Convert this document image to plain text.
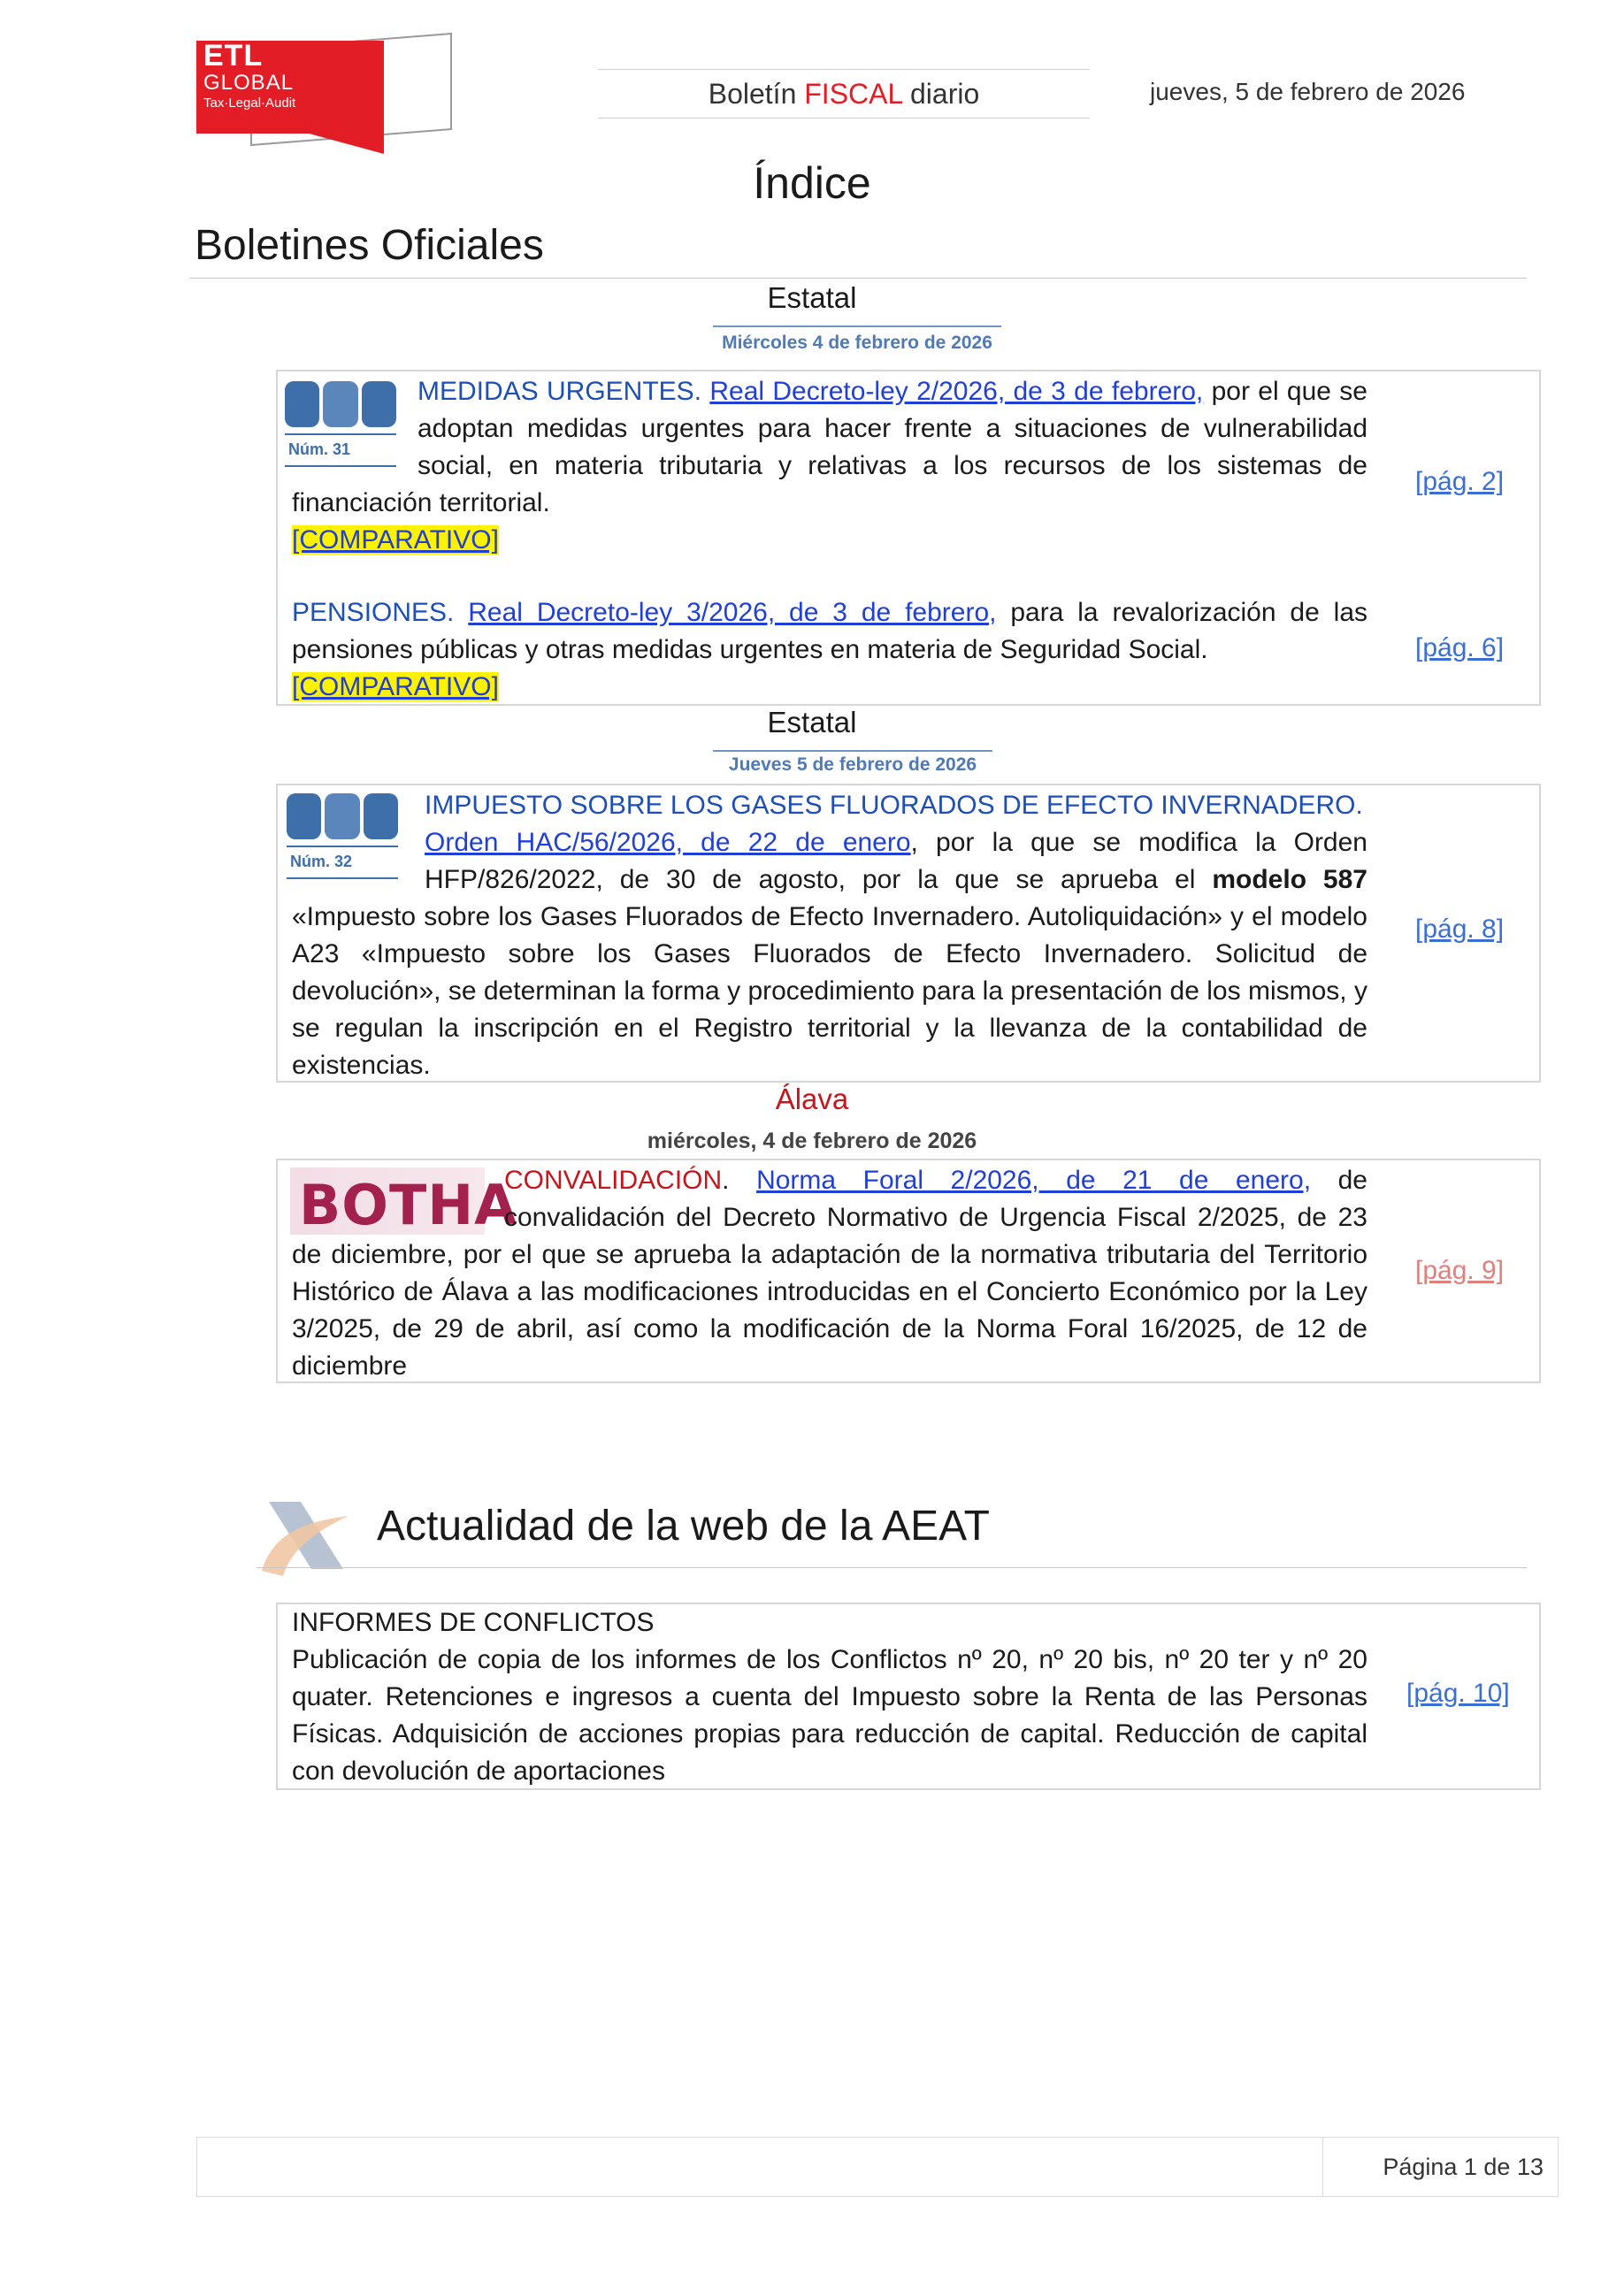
ETL
GLOBAL
Tax·Legal·Audit	Boletín FISCAL diario	jueves, 5 de febrero de 2026
Índice
Boletines Oficiales
Estatal
Miércoles 4 de febrero de 2026
Núm. 31
Estatal
Jueves 5 de febrero de 2026
Núm. 32
Álava
miércoles, 4 de febrero de 2026
BOTHA
MEDIDAS URGENTES. Real Decreto-ley 2/2026, de 3 de febrero, por el que se adoptan medidas urgentes para hacer frente a situaciones de vulnerabilidad social, en materia tributaria y relativas a los recursos de los sistemas de financiación territorial.
[COMPARATIVO]
[pág. 2]
PENSIONES. Real Decreto-ley 3/2026, de 3 de febrero, para la revalorización de las pensiones públicas y otras medidas urgentes en materia de Seguridad Social.
[COMPARATIVO]
[pág. 6]
IMPUESTO SOBRE LOS GASES FLUORADOS DE EFECTO INVERNADERO.
Orden HAC/56/2026, de 22 de enero, por la que se modifica la Orden HFP/826/2022, de 30 de agosto, por la que se aprueba el modelo 587 «Impuesto sobre los Gases Fluorados de Efecto Invernadero. Autoliquidación» y el modelo A23 «Impuesto sobre los Gases Fluorados de Efecto Invernadero. Solicitud de devolución», se determinan la forma y procedimiento para la presentación de los mismos, y se regulan la inscripción en el Registro territorial y la llevanza de la contabilidad de existencias.
[pág. 8]
CONVALIDACIÓN. Norma Foral 2/2026, de 21 de enero, de convalidación del Decreto Normativo de Urgencia Fiscal 2/2025, de 23 de diciembre, por el que se aprueba la adaptación de la normativa tributaria del Territorio Histórico de Álava a las modificaciones introducidas en el Concierto Económico por la Ley 3/2025, de 29 de abril, así como la modificación de la Norma Foral 16/2025, de 12 de diciembre
[pág. 9]
Actualidad de la web de la AEAT
INFORMES DE CONFLICTOS
Publicación de copia de los informes de los Conflictos nº 20, nº 20 bis, nº 20 ter y nº 20 quater. Retenciones e ingresos a cuenta del Impuesto sobre la Renta de las Personas Físicas. Adquisición de acciones propias para reducción de capital. Reducción de capital con devolución de aportaciones
[pág. 10]
Página 1 de 13
